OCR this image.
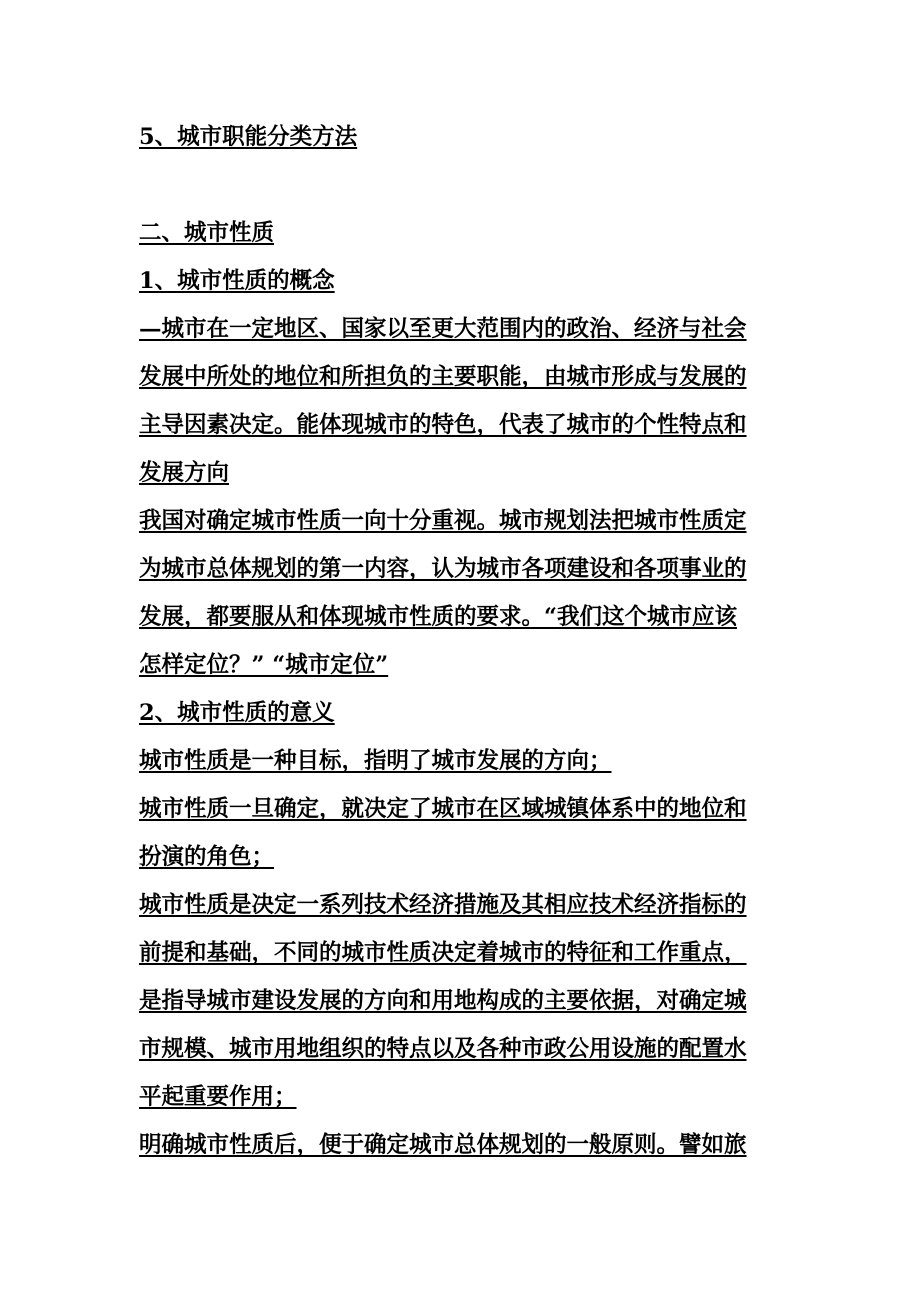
5、城市职能分类方法

二、城市性质

1、城市性质的概念

—城市在一定地区、国家以至更大范围内的政治、经济与社会

发展中所处的地位和所担负的主要职能，由城市形成与发展的

主导因素决定。能体现城市的特色，代表了城市的个性特点和

发展方向

我国对确定城市性质一向十分重视。城市规划法把城市性质定

为城市总体规划的第一内容，认为城市各项建设和各项事业的

发展，都要服从和体现城市性质的要求。“我们这个城市应该

怎样定位？” “城市定位”

2、城市性质的意义

城市性质是一种目标，指明了城市发展的方向；

城市性质一旦确定，就决定了城市在区域城镇体系中的地位和

扮演的角色；

城市性质是决定一系列技术经济措施及其相应技术经济指标的

前提和基础，不同的城市性质决定着城市的特征和工作重点，

是指导城市建设发展的方向和用地构成的主要依据，对确定城

市规模、城市用地组织的特点以及各种市政公用设施的配置水

平起重要作用；

明确城市性质后，便于确定城市总体规划的一般原则。譬如旅
